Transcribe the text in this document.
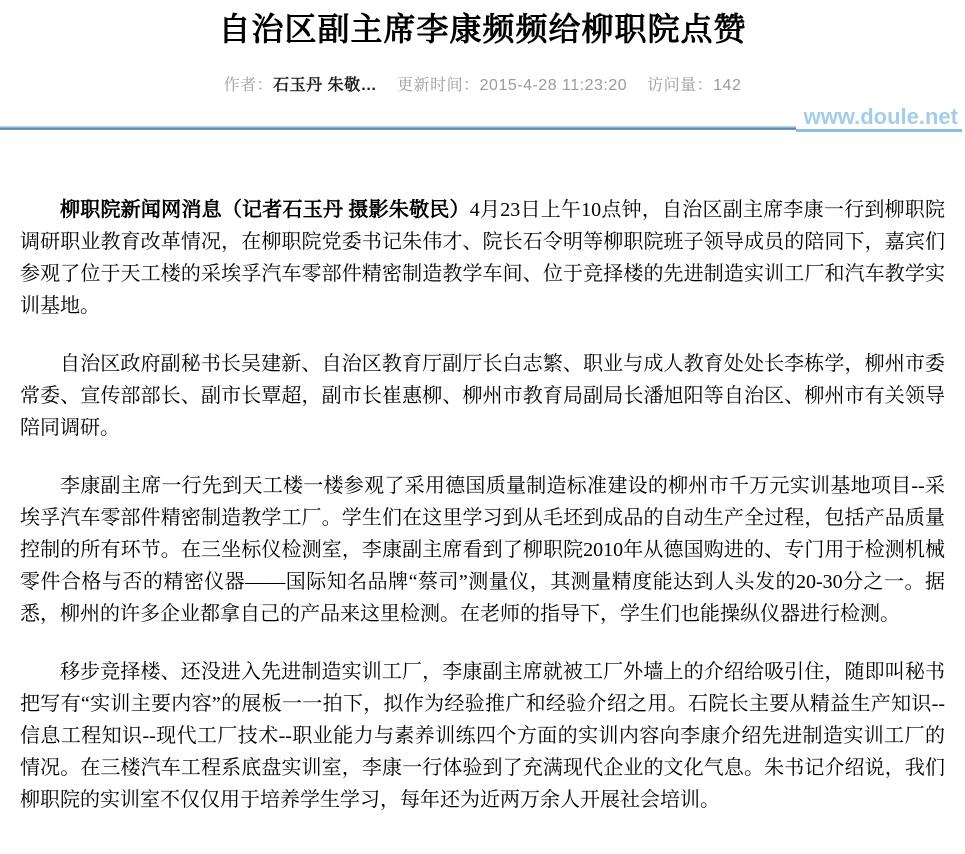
自治区副主席李康频频给柳职院点赞
作者：石玉丹 朱敬… 更新时间：2015-4-28 11:23:20 访问量：142
www.doule.net

柳职院新闻网消息（记者石玉丹 摄影朱敬民）4月23日上午10点钟，自治区副主席李康一行到柳职院调研职业教育改革情况，在柳职院党委书记朱伟才、院长石令明等柳职院班子领导成员的陪同下，嘉宾们参观了位于天工楼的采埃孚汽车零部件精密制造教学车间、位于竞择楼的先进制造实训工厂和汽车教学实训基地。

自治区政府副秘书长吴建新、自治区教育厅副厅长白志繁、职业与成人教育处处长李栋学，柳州市委常委、宣传部部长、副市长覃超，副市长崔惠柳、柳州市教育局副局长潘旭阳等自治区、柳州市有关领导陪同调研。

李康副主席一行先到天工楼一楼参观了采用德国质量制造标准建设的柳州市千万元实训基地项目--采埃孚汽车零部件精密制造教学工厂。学生们在这里学习到从毛坯到成品的自动生产全过程，包括产品质量控制的所有环节。在三坐标仪检测室，李康副主席看到了柳职院2010年从德国购进的、专门用于检测机械零件合格与否的精密仪器——国际知名品牌“蔡司”测量仪，其测量精度能达到人头发的20-30分之一。据悉，柳州的许多企业都拿自己的产品来这里检测。在老师的指导下，学生们也能操纵仪器进行检测。

移步竞择楼、还没进入先进制造实训工厂，李康副主席就被工厂外墙上的介绍给吸引住，随即叫秘书把写有“实训主要内容”的展板一一拍下，拟作为经验推广和经验介绍之用。石院长主要从精益生产知识--信息工程知识--现代工厂技术--职业能力与素养训练四个方面的实训内容向李康介绍先进制造实训工厂的情况。在三楼汽车工程系底盘实训室，李康一行体验到了充满现代企业的文化气息。朱书记介绍说，我们柳职院的实训室不仅仅用于培养学生学习，每年还为近两万余人开展社会培训。
